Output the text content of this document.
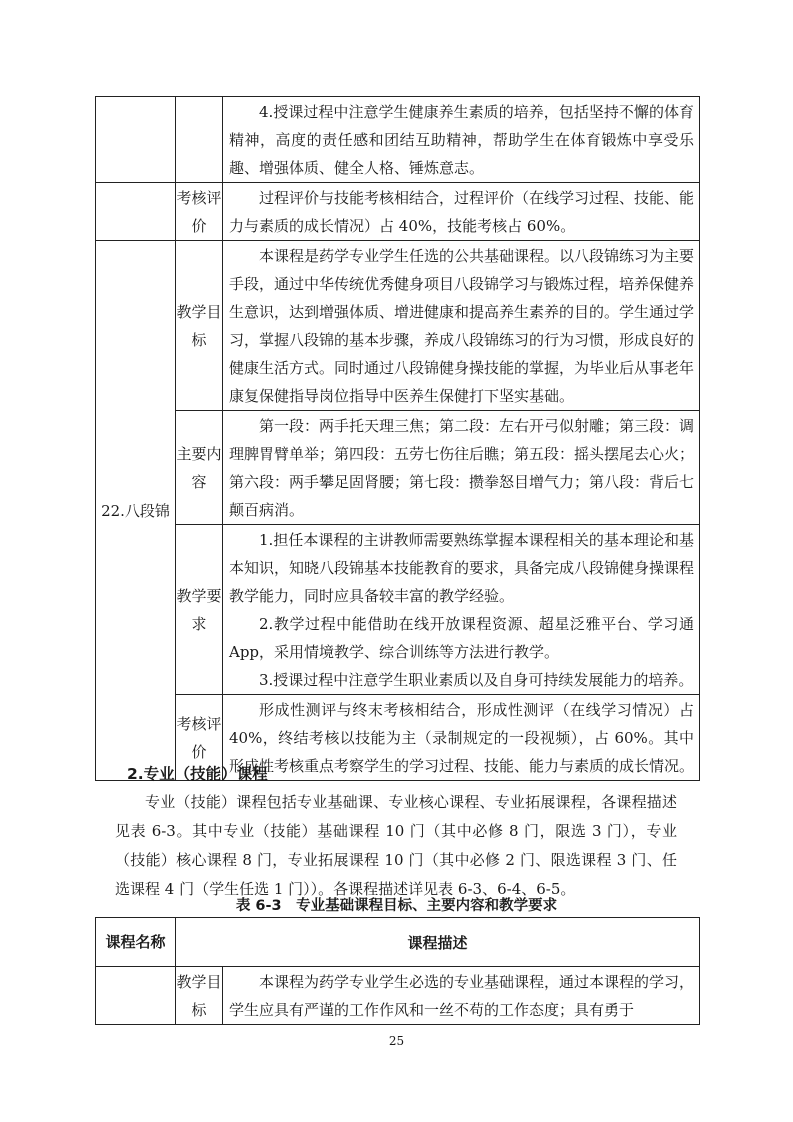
		4.授课过程中注意学生健康养生素质的培养，包括坚持不懈的体育精神，高度的责任感和团结互助精神，帮助学生在体育锻炼中享受乐趣、增强体质、健全人格、锤炼意志。

	考核评价	过程评价与技能考核相结合，过程评价（在线学习过程、技能、能力与素质的成长情况）占 40%，技能考核占 60%。

22.八段锦	教学目标	本课程是药学专业学生任选的公共基础课程。以八段锦练习为主要手段，通过中华传统优秀健身项目八段锦学习与锻炼过程，培养保健养生意识，达到增强体质、增进健康和提高养生素养的目的。学生通过学习，掌握八段锦的基本步骤，养成八段锦练习的行为习惯，形成良好的健康生活方式。同时通过八段锦健身操技能的掌握，为毕业后从事老年康复保健指导岗位指导中医养生保健打下坚实基础。

	主要内容	第一段：两手托天理三焦；第二段：左右开弓似射雕；第三段：调理脾胃臂单举；第四段：五劳七伤往后瞧；第五段：摇头摆尾去心火；第六段：两手攀足固肾腰；第七段：攒拳怒目增气力；第八段：背后七颠百病消。

	教学要求	1.担任本课程的主讲教师需要熟练掌握本课程相关的基本理论和基本知识，知晓八段锦基本技能教育的要求，具备完成八段锦健身操课程教学能力，同时应具备较丰富的教学经验。

2.教学过程中能借助在线开放课程资源、超星泛雅平台、学习通 App，采用情境教学、综合训练等方法进行教学。

3.授课过程中注意学生职业素质以及自身可持续发展能力的培养。

	考核评价	形成性测评与终末考核相结合，形成性测评（在线学习情况）占 40%，终结考核以技能为主（录制规定的一段视频），占 60%。其中形成性考核重点考察学生的学习过程、技能、能力与素质的成长情况。

2.专业（技能）课程

专业（技能）课程包括专业基础课、专业核心课程、专业拓展课程，各课程描述见表 6-3。其中专业（技能）基础课程 10 门（其中必修 8 门，限选 3 门），专业（技能）核心课程 8 门，专业拓展课程 10 门（其中必修 2 门、限选课程 3 门、任选课程 4 门（学生任选 1 门））。各课程描述详见表 6-3、6-4、6-5。

表 6-3　专业基础课程目标、主要内容和教学要求

课程名称	课程描述	
	教学目标	本课程为药学专业学生必选的专业基础课程，通过本课程的学习，学生应具有严谨的工作作风和一丝不苟的工作态度；具有勇于

25
